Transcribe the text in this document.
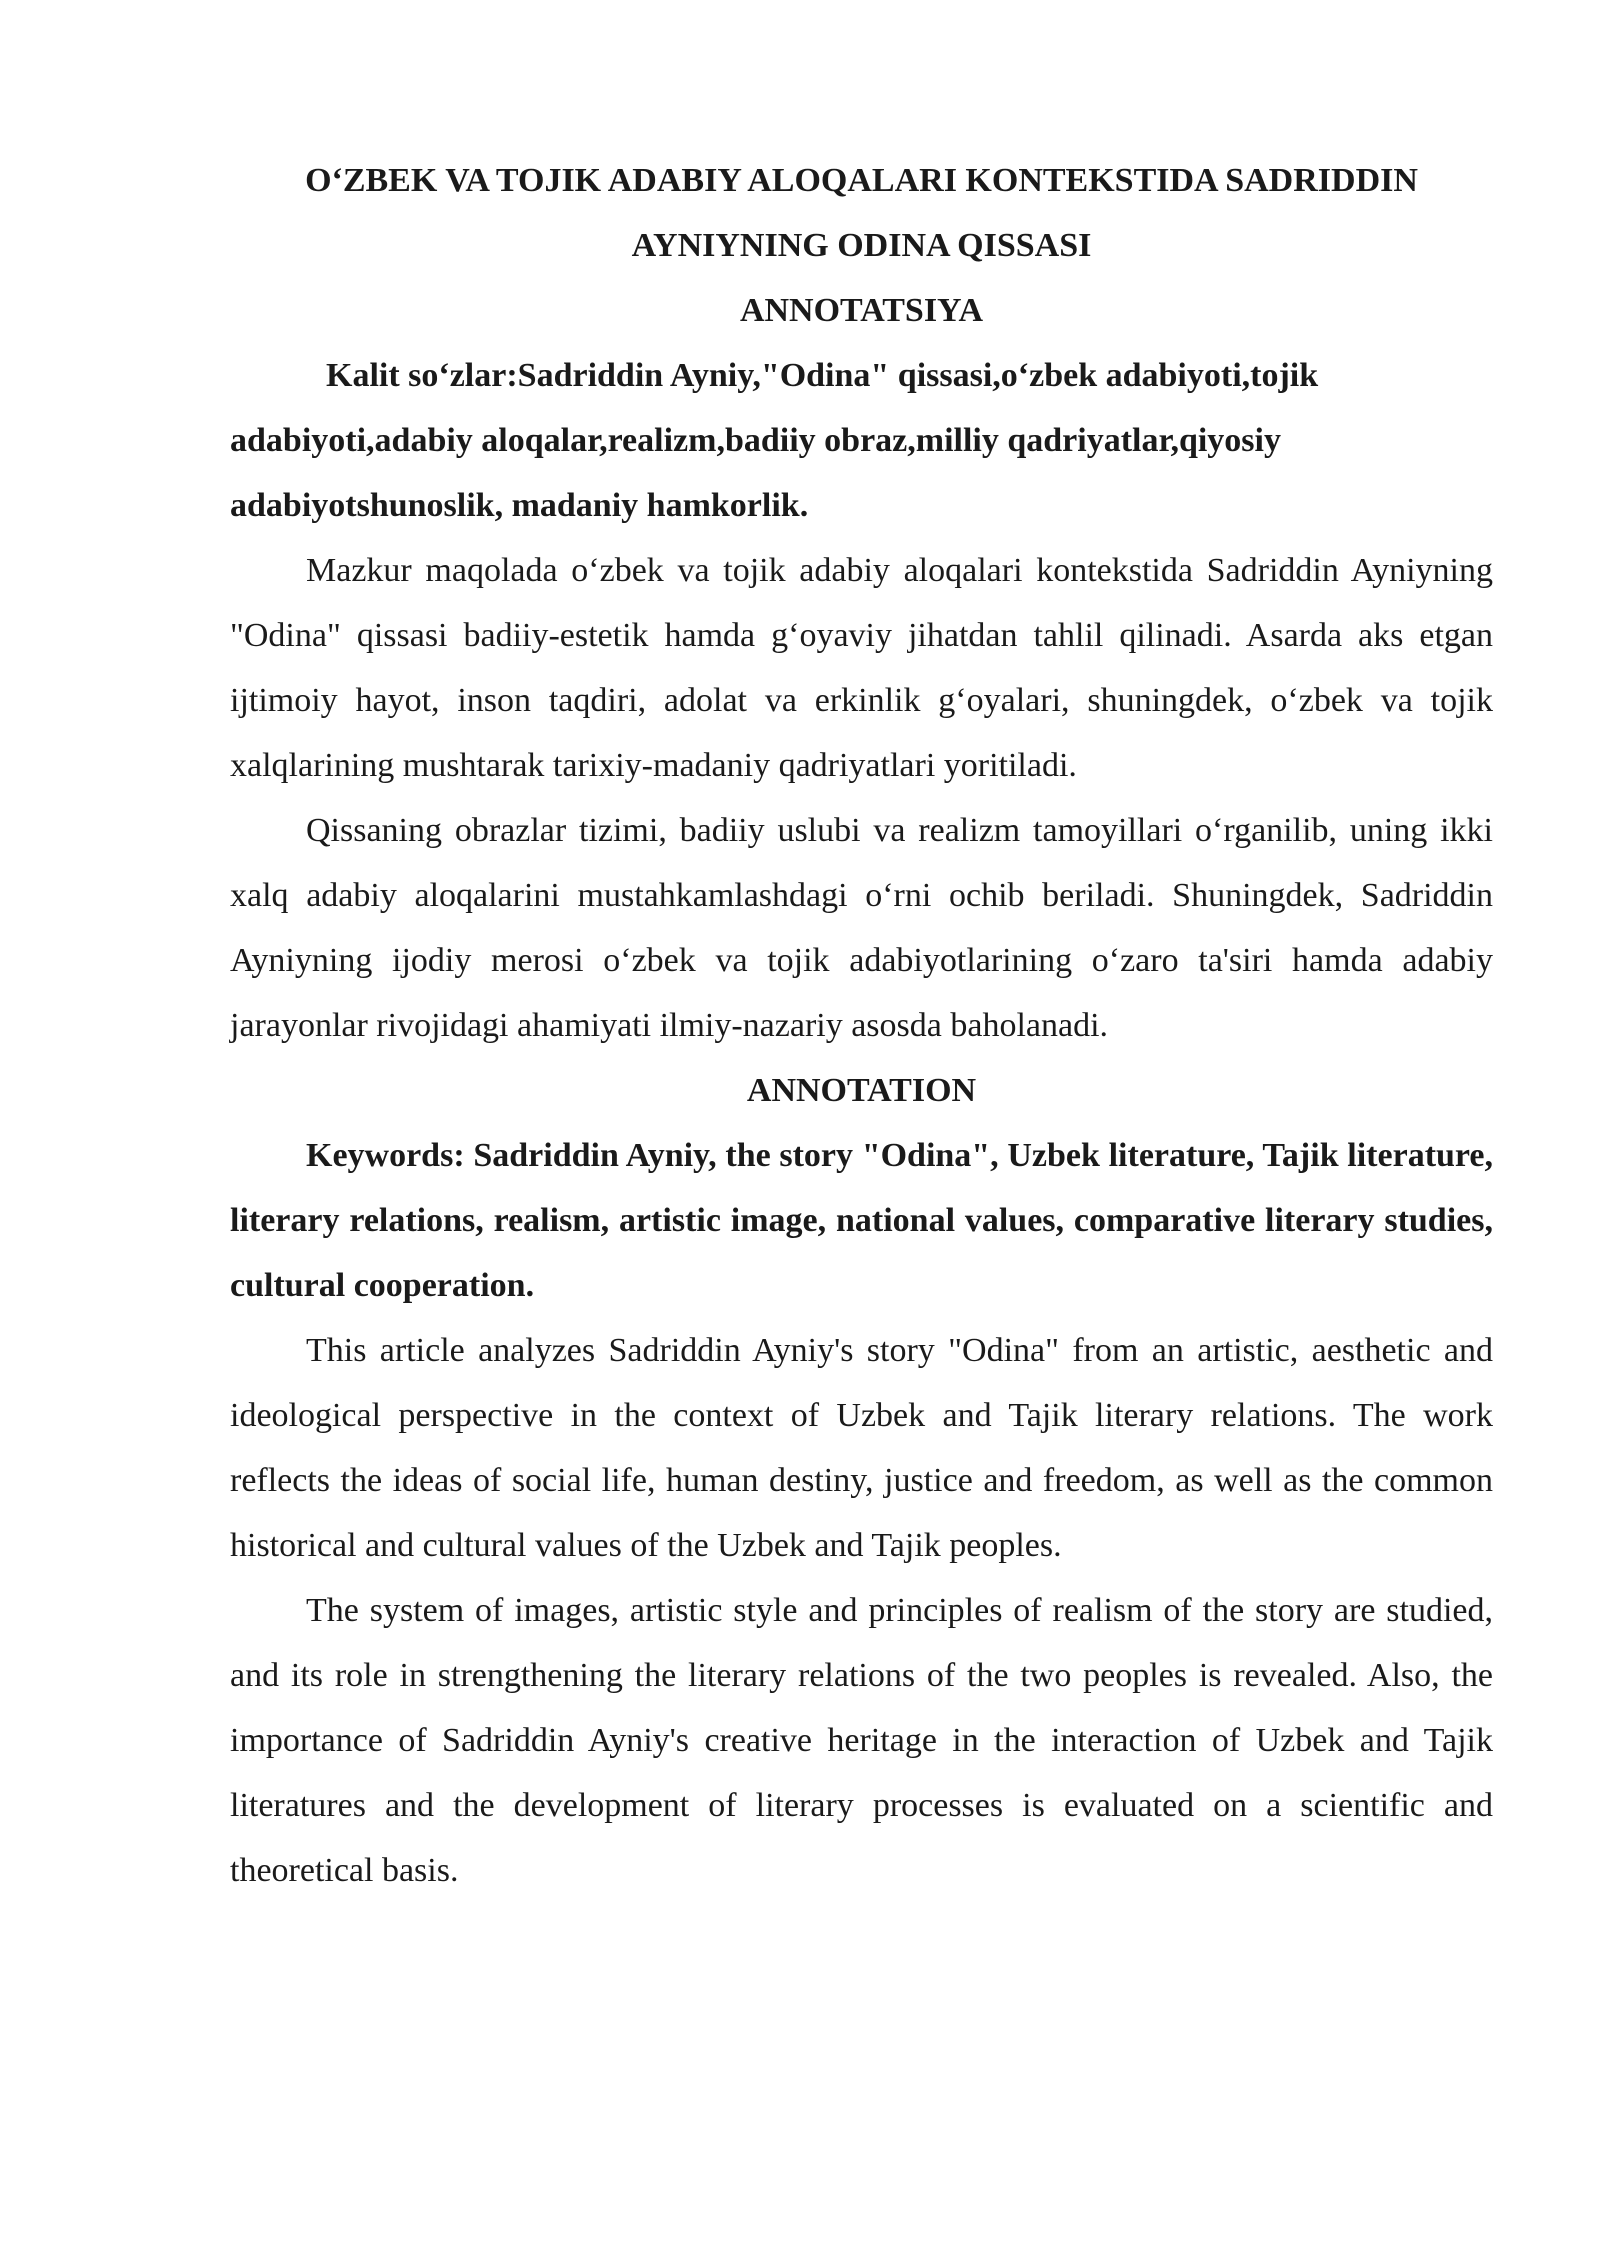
O‘ZBEK VA TOJIK ADABIY ALOQALARI KONTEKSTIDA SADRIDDIN

AYNIYNING ODINA QISSASI

ANNOTATSIYA

Kalit so‘zlar:Sadriddin Ayniy,"Odina" qissasi,o‘zbek adabiyoti,tojik adabiyoti,adabiy aloqalar,realizm,badiiy obraz,milliy qadriyatlar,qiyosiy adabiyotshunoslik, madaniy hamkorlik.

Mazkur maqolada o‘zbek va tojik adabiy aloqalari kontekstida Sadriddin Ayniyning "Odina" qissasi badiiy-estetik hamda g‘oyaviy jihatdan tahlil qilinadi. Asarda aks etgan ijtimoiy hayot, inson taqdiri, adolat va erkinlik g‘oyalari, shuningdek, o‘zbek va tojik xalqlarining mushtarak tarixiy-madaniy qadriyatlari yoritiladi.

Qissaning obrazlar tizimi, badiiy uslubi va realizm tamoyillari o‘rganilib, uning ikki xalq adabiy aloqalarini mustahkamlashdagi o‘rni ochib beriladi. Shuningdek, Sadriddin Ayniyning ijodiy merosi o‘zbek va tojik adabiyotlarining o‘zaro ta'siri hamda adabiy jarayonlar rivojidagi ahamiyati ilmiy-nazariy asosda baholanadi.

ANNOTATION

Keywords: Sadriddin Ayniy, the story "Odina", Uzbek literature, Tajik literature, literary relations, realism, artistic image, national values, comparative literary studies, cultural cooperation.

This article analyzes Sadriddin Ayniy's story "Odina" from an artistic, aesthetic and ideological perspective in the context of Uzbek and Tajik literary relations. The work reflects the ideas of social life, human destiny, justice and freedom, as well as the common historical and cultural values of the Uzbek and Tajik peoples.

The system of images, artistic style and principles of realism of the story are studied, and its role in strengthening the literary relations of the two peoples is revealed. Also, the importance of Sadriddin Ayniy's creative heritage in the interaction of Uzbek and Tajik literatures and the development of literary processes is evaluated on a scientific and theoretical basis.
